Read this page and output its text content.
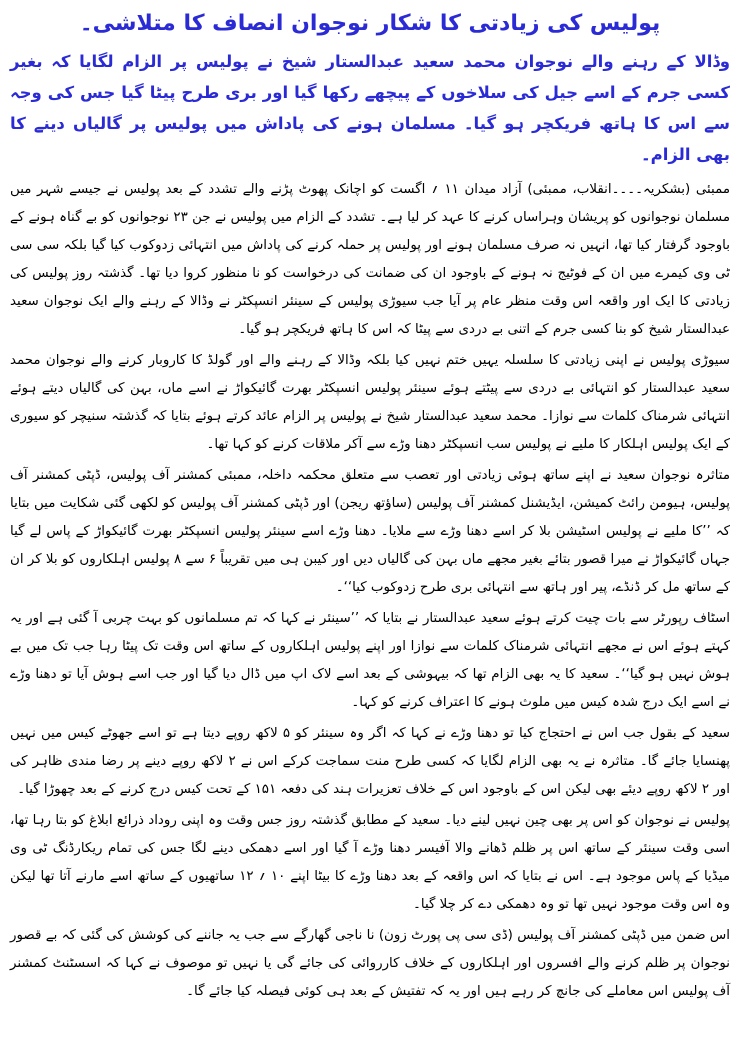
پولیس کی زیادتی کا شکار نوجوان انصاف کا متلاشی۔
وڈالا کے رہنے والے نوجوان محمد سعید عبدالستار شیخ نے پولیس پر الزام لگایا کہ بغیر کسی جرم کے اسے جیل کی سلاخوں کے پیچھے رکھا گیا اور بری طرح پیٹا گیا جس کی وجہ سے اس کا ہاتھ فریکچر ہو گیا۔ مسلمان ہونے کی پاداش میں پولیس پر گالیاں دینے کا بھی الزام۔

ممبئی (بشکریہ۔۔۔۔انقلاب، ممبئی) آزاد میدان ۱۱ ؍ اگست کو اچانک پھوٹ پڑنے والے تشدد کے بعد پولیس نے جیسے شہر میں مسلمان نوجوانوں کو پریشان وہراساں کرنے کا عہد کر لیا ہے۔ تشدد کے الزام میں پولیس نے جن ۲۳ نوجوانوں کو بے گناہ ہونے کے باوجود گرفتار کیا تھا، انہیں نہ صرف مسلمان ہونے اور پولیس پر حملہ کرنے کی پاداش میں انتہائی زدوکوب کیا گیا بلکہ سی سی ٹی وی کیمرے میں ان کے فوٹیج نہ ہونے کے باوجود ان کی ضمانت کی درخواست کو نا منظور کروا دیا تھا۔ گذشتہ روز پولیس کی زیادتی کا ایک اور واقعہ اس وقت منظر عام پر آیا جب سیوڑی پولیس کے سینئر انسپکٹر نے وڈالا کے رہنے والے ایک نوجوان سعید عبدالستار شیخ کو بنا کسی جرم کے اتنی بے دردی سے پیٹا کہ اس کا ہاتھ فریکچر ہو گیا۔

سیوڑی پولیس نے اپنی زیادتی کا سلسلہ یہیں ختم نہیں کیا بلکہ وڈالا کے رہنے والے اور گولڈ کا کاروبار کرنے والے نوجوان محمد سعید عبدالستار کو انتہائی بے دردی سے پیٹتے ہوئے سینئر پولیس انسپکٹر بھرت گائیکواڑ نے اسے ماں، بہن کی گالیاں دیتے ہوئے انتہائی شرمناک کلمات سے نوازا۔ محمد سعید عبدالستار شیخ نے پولیس پر الزام عائد کرتے ہوئے بتایا کہ گذشتہ سنیچر کو سیوری کے ایک پولیس اہلکار کا ملیے نے پولیس سب انسپکٹر دھنا وڑے سے آکر ملاقات کرنے کو کہا تھا۔

متاثرہ نوجوان سعید نے اپنے ساتھ ہوئی زیادتی اور تعصب سے متعلق محکمہ داخلہ، ممبئی کمشنر آف پولیس، ڈپٹی کمشنر آف پولیس، ہیومن رائٹ کمیشن، ایڈیشنل کمشنر آف پولیس (ساؤتھ ریجن) اور ڈپٹی کمشنر آف پولیس کو لکھی گئی شکایت میں بتایا کہ ’’کا ملیے نے پولیس اسٹیشن بلا کر اسے دھنا وڑے سے ملایا۔ دھنا وڑے اسے سینئر پولیس انسپکٹر بھرت گائیکواڑ کے پاس لے گیا جہاں گائیکواڑ نے میرا قصور بتائے بغیر مجھے ماں بہن کی گالیاں دیں اور کیبن ہی میں تقریباً ۶ سے ۸ پولیس اہلکاروں کو بلا کر ان کے ساتھ مل کر ڈنڈے، پیر اور ہاتھ سے انتہائی بری طرح زدوکوب کیا‘‘۔

اسٹاف رپورٹر سے بات چیت کرتے ہوئے سعید عبدالستار نے بتایا کہ ’’سینئر نے کہا کہ تم مسلمانوں کو بہت چربی آ گئی ہے اور یہ کہتے ہوئے اس نے مجھے انتہائی شرمناک کلمات سے نوازا اور اپنے پولیس اہلکاروں کے ساتھ اس وقت تک پیٹا رہا جب تک میں بے ہوش نہیں ہو گیا‘‘۔ سعید کا یہ بھی الزام تھا کہ بیہوشی کے بعد اسے لاک اپ میں ڈال دیا گیا اور جب اسے ہوش آیا تو دھنا وڑے نے اسے ایک درج شدہ کیس میں ملوث ہونے کا اعتراف کرنے کو کہا۔

سعید کے بقول جب اس نے احتجاج کیا تو دھنا وڑے نے کہا کہ اگر وہ سینئر کو ۵ لاکھ روپے دیتا ہے تو اسے جھوٹے کیس میں نہیں پھنسایا جائے گا۔ متاثرہ نے یہ بھی الزام لگایا کہ کسی طرح منت سماجت کرکے اس نے ۲ لاکھ روپے دینے پر رضا مندی ظاہر کی اور ۲ لاکھ روپے دیئے بھی لیکن اس کے باوجود اس کے خلاف تعزیرات ہند کی دفعہ ۱۵۱ کے تحت کیس درج کرنے کے بعد چھوڑا گیا۔

پولیس نے نوجوان کو اس پر بھی چین نہیں لینے دیا۔ سعید کے مطابق گذشتہ روز جس وقت وہ اپنی روداد ذرائع ابلاغ کو بتا رہا تھا، اسی وقت سینئر کے ساتھ اس پر ظلم ڈھانے والا آفیسر دھنا وڑے آ گیا اور اسے دھمکی دینے لگا جس کی تمام ریکارڈنگ ٹی وی میڈیا کے پاس موجود ہے۔ اس نے بتایا کہ اس واقعہ کے بعد دھنا وڑے کا بیٹا اپنے ۱۰ ؍ ۱۲ ساتھیوں کے ساتھ اسے مارنے آتا تھا لیکن وہ اس وقت موجود نہیں تھا تو وہ دھمکی دے کر چلا گیا۔

اس ضمن میں ڈپٹی کمشنر آف پولیس (ڈی سی پی پورٹ زون) نا ناجی گھارگے سے جب یہ جاننے کی کوشش کی گئی کہ بے قصور نوجوان پر ظلم کرنے والے افسروں اور اہلکاروں کے خلاف کارروائی کی جائے گی یا نہیں تو موصوف نے کہا کہ اسسٹنٹ کمشنر آف پولیس اس معاملے کی جانچ کر رہے ہیں اور یہ کہ تفتیش کے بعد ہی کوئی فیصلہ کیا جائے گا۔
